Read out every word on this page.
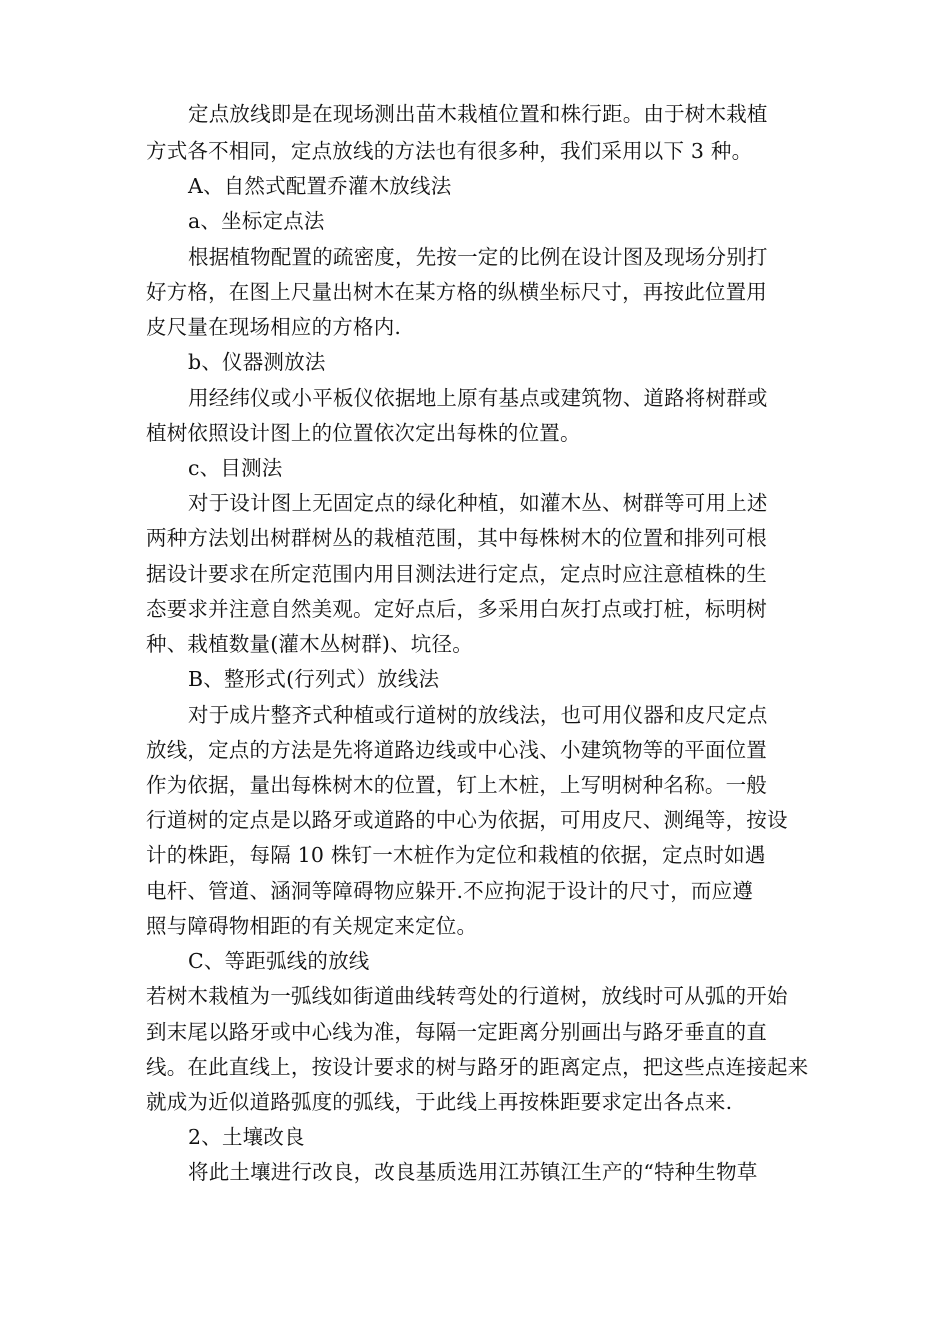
定点放线即是在现场测出苗木栽植位置和株行距。由于树木栽植
方式各不相同，定点放线的方法也有很多种，我们采用以下 3 种。
A、自然式配置乔灌木放线法
a、坐标定点法
根据植物配置的疏密度，先按一定的比例在设计图及现场分别打
好方格，在图上尺量出树木在某方格的纵横坐标尺寸，再按此位置用
皮尺量在现场相应的方格内.
b、仪器测放法
用经纬仪或小平板仪依据地上原有基点或建筑物、道路将树群或
植树依照设计图上的位置依次定出每株的位置。
c、目测法
对于设计图上无固定点的绿化种植，如灌木丛、树群等可用上述
两种方法划出树群树丛的栽植范围，其中每株树木的位置和排列可根
据设计要求在所定范围内用目测法进行定点，定点时应注意植株的生
态要求并注意自然美观。定好点后，多采用白灰打点或打桩，标明树
种、栽植数量(灌木丛树群)、坑径。
B、整形式(行列式）放线法
对于成片整齐式种植或行道树的放线法，也可用仪器和皮尺定点
放线，定点的方法是先将道路边线或中心浅、小建筑物等的平面位置
作为依据，量出每株树木的位置，钉上木桩，上写明树种名称。一般
行道树的定点是以路牙或道路的中心为依据，可用皮尺、测绳等，按设
计的株距，每隔 10 株钉一木桩作为定位和栽植的依据，定点时如遇
电杆、管道、涵洞等障碍物应躲开.不应拘泥于设计的尺寸，而应遵
照与障碍物相距的有关规定来定位。
C、等距弧线的放线
若树木栽植为一弧线如街道曲线转弯处的行道树，放线时可从弧的开始
到末尾以路牙或中心线为准，每隔一定距离分别画出与路牙垂直的直
线。在此直线上，按设计要求的树与路牙的距离定点，把这些点连接起来
就成为近似道路弧度的弧线，于此线上再按株距要求定出各点来.
2、土壤改良
将此土壤进行改良，改良基质选用江苏镇江生产的“特种生物草
